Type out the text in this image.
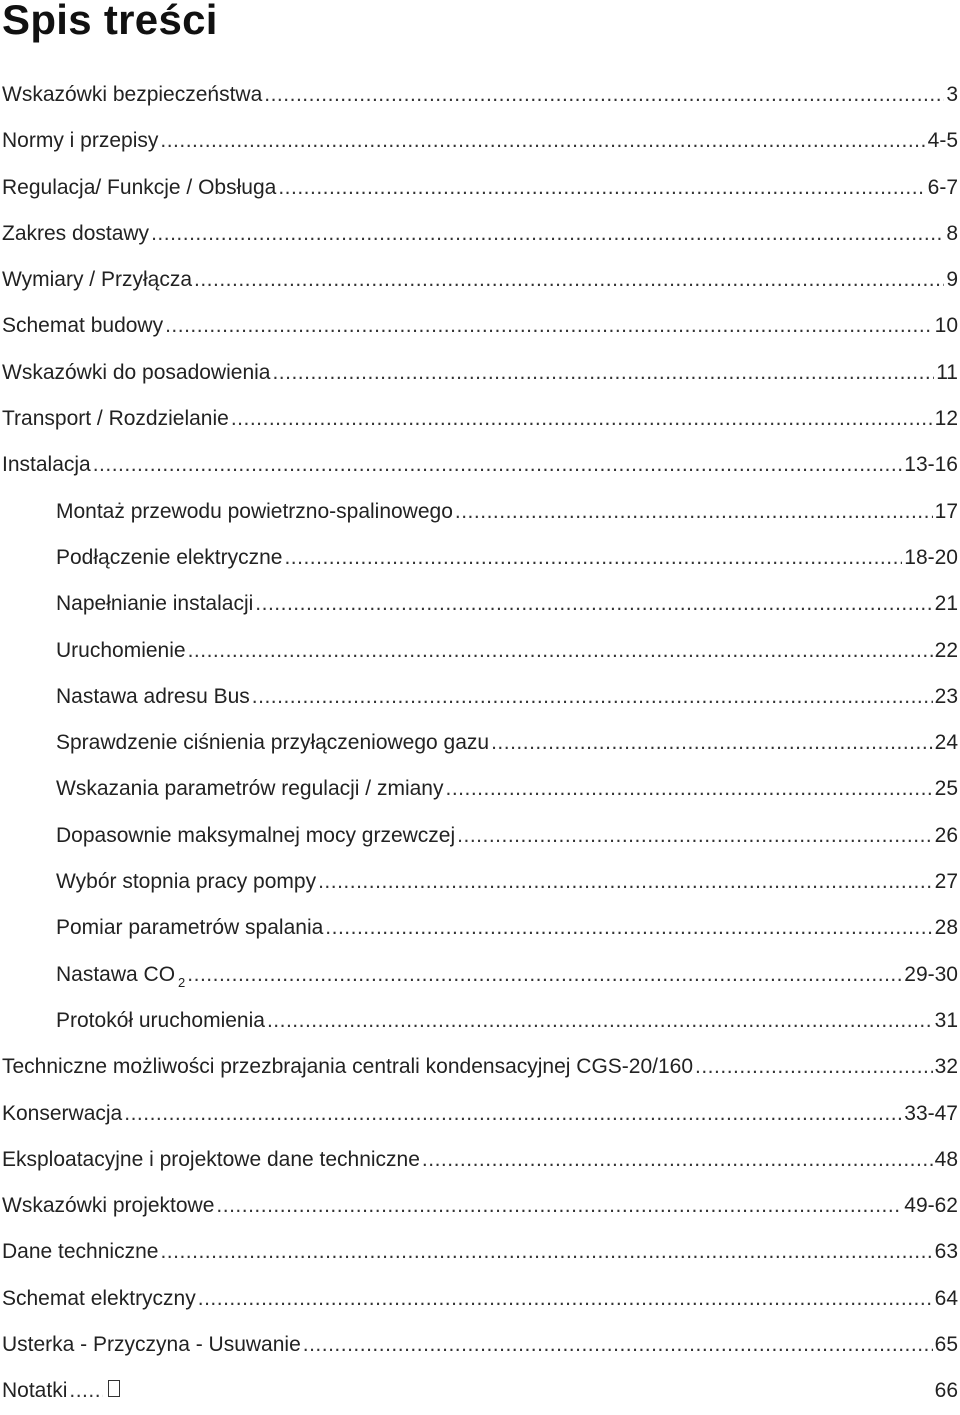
Spis treści
Wskazówki bezpieczeństwa .....	3
Normy i przepisy .....	4-5
Regulacja/ Funkcje / Obsługa .....	6-7
Zakres dostawy .....	8
Wymiary / Przyłącza .....	9
Schemat budowy .....	10
Wskazówki do posadowienia .....	11
Transport / Rozdzielanie .....	12
Instalacja .....	13-16
Montaż przewodu powietrzno-spalinowego .....	17
Podłączenie elektryczne .....	18-20
Napełnianie instalacji .....	21
Uruchomienie .....	22
Nastawa adresu Bus .....	23
Sprawdzenie ciśnienia przyłączeniowego gazu .....	24
Wskazania parametrów regulacji / zmiany .....	25
Dopasownie maksymalnej mocy grzewczej .....	26
Wybór stopnia pracy pompy .....	27
Pomiar parametrów spalania .....	28
Nastawa CO $_2$ .....	29-30
Protokół uruchomienia .....	31
Techniczne możliwości przezbrajania centrali kondensacyjnej CGS-20/160 .....	32
Konserwacja .....	33-47
Eksploatacyjne i projektowe dane techniczne .....	48
Wskazówki projektowe .....	49-62
Dane techniczne .....	63
Schemat elektryczny .....	64
Usterka - Przyczyna - Usuwanie .....	65
Notatki .....	66
